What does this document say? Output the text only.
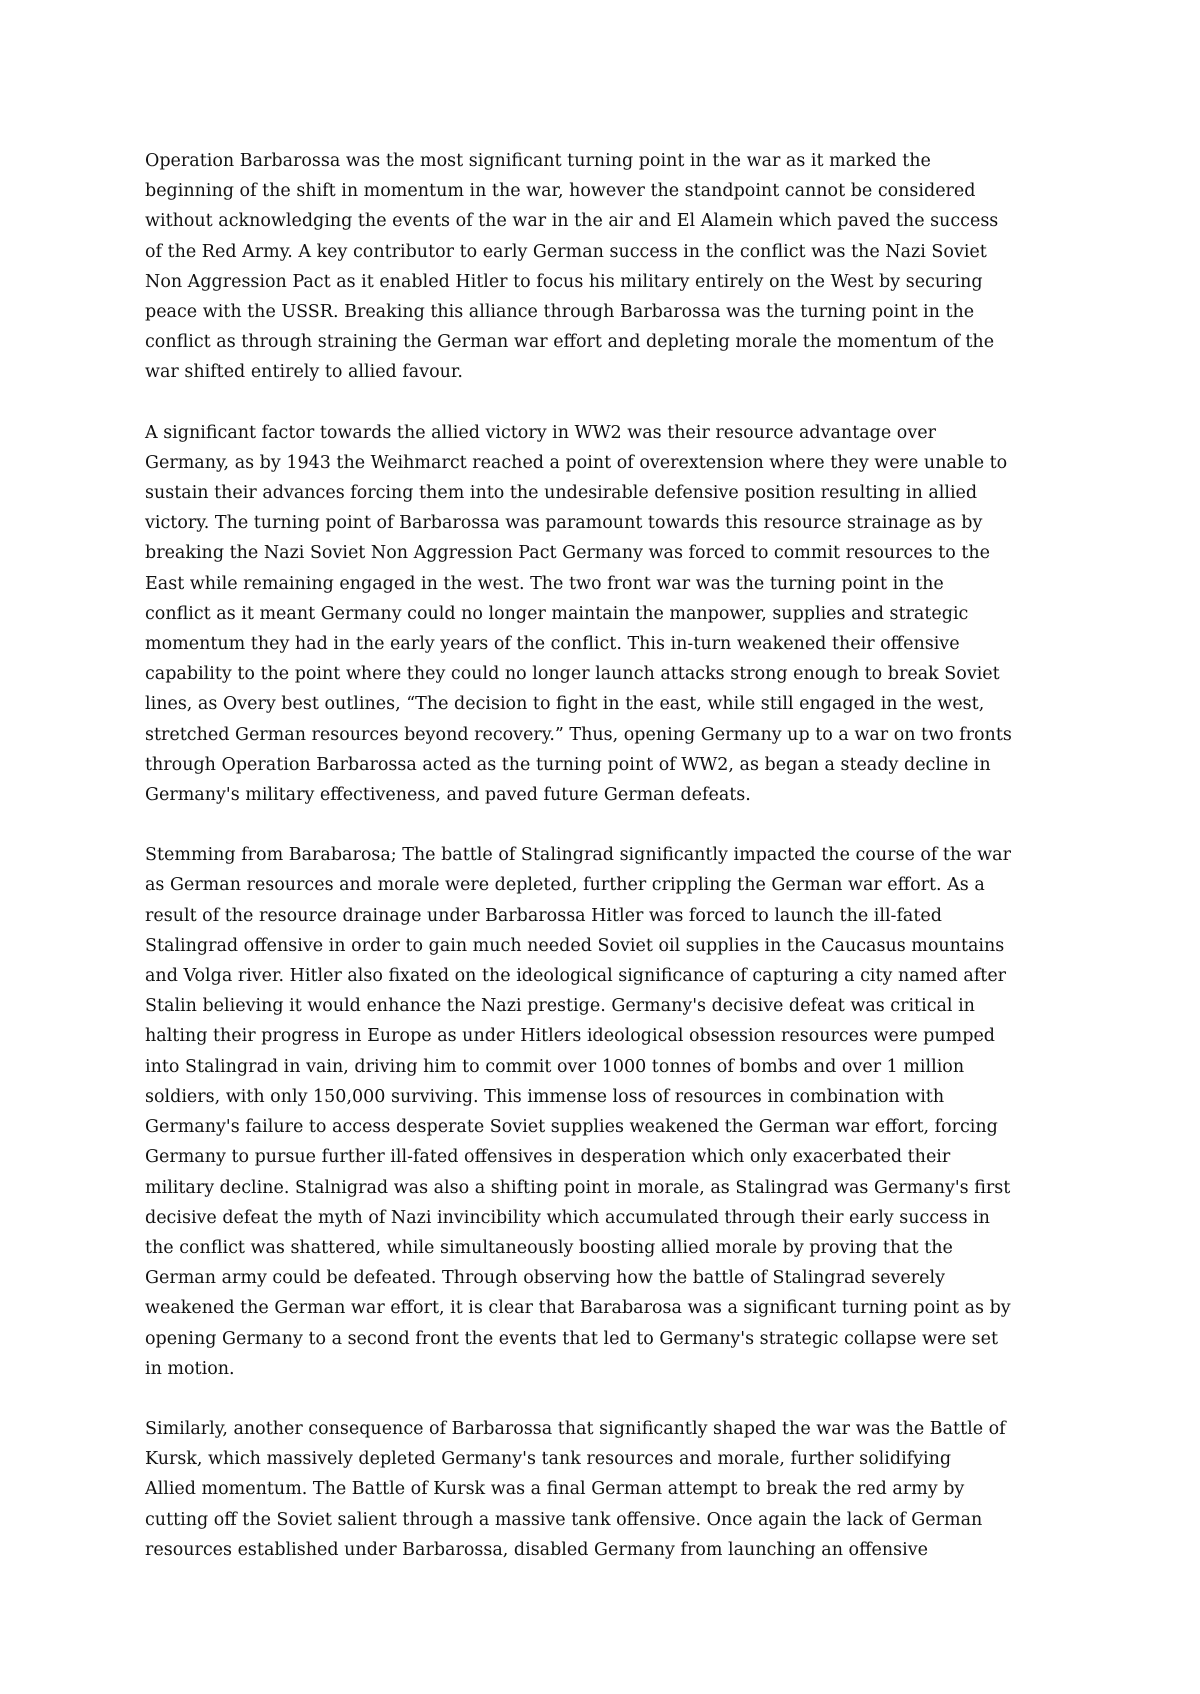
Operation Barbarossa was the most significant turning point in the war as it marked the
beginning of the shift in momentum in the war, however the standpoint cannot be considered
without acknowledging the events of the war in the air and El Alamein which paved the success
of the Red Army. A key contributor to early German success in the conflict was the Nazi Soviet
Non Aggression Pact as it enabled Hitler to focus his military entirely on the West by securing
peace with the USSR. Breaking this alliance through Barbarossa was the turning point in the
conflict as through straining the German war effort and depleting morale the momentum of the
war shifted entirely to allied favour.

A significant factor towards the allied victory in WW2 was their resource advantage over
Germany, as by 1943 the Weihmarct reached a point of overextension where they were unable to
sustain their advances forcing them into the undesirable defensive position resulting in allied
victory. The turning point of Barbarossa was paramount towards this resource strainage as by
breaking the Nazi Soviet Non Aggression Pact Germany was forced to commit resources to the
East while remaining engaged in the west. The two front war was the turning point in the
conflict as it meant Germany could no longer maintain the manpower, supplies and strategic
momentum they had in the early years of the conflict. This in-turn weakened their offensive
capability to the point where they could no longer launch attacks strong enough to break Soviet
lines, as Overy best outlines, “The decision to fight in the east, while still engaged in the west,
stretched German resources beyond recovery.” Thus, opening Germany up to a war on two fronts
through Operation Barbarossa acted as the turning point of WW2, as began a steady decline in
Germany's military effectiveness, and paved future German defeats.

Stemming from Barabarosa; The battle of Stalingrad significantly impacted the course of the war
as German resources and morale were depleted, further crippling the German war effort. As a
result of the resource drainage under Barbarossa Hitler was forced to launch the ill-fated
Stalingrad offensive in order to gain much needed Soviet oil supplies in the Caucasus mountains
and Volga river. Hitler also fixated on the ideological significance of capturing a city named after
Stalin believing it would enhance the Nazi prestige. Germany's decisive defeat was critical in
halting their progress in Europe as under Hitlers ideological obsession resources were pumped
into Stalingrad in vain, driving him to commit over 1000 tonnes of bombs and over 1 million
soldiers, with only 150,000 surviving. This immense loss of resources in combination with
Germany's failure to access desperate Soviet supplies weakened the German war effort, forcing
Germany to pursue further ill-fated offensives in desperation which only exacerbated their
military decline. Stalnigrad was also a shifting point in morale, as Stalingrad was Germany's first
decisive defeat the myth of Nazi invincibility which accumulated through their early success in
the conflict was shattered, while simultaneously boosting allied morale by proving that the
German army could be defeated. Through observing how the battle of Stalingrad severely
weakened the German war effort, it is clear that Barabarosa was a significant turning point as by
opening Germany to a second front the events that led to Germany's strategic collapse were set
in motion.

Similarly, another consequence of Barbarossa that significantly shaped the war was the Battle of
Kursk, which massively depleted Germany's tank resources and morale, further solidifying
Allied momentum. The Battle of Kursk was a final German attempt to break the red army by
cutting off the Soviet salient through a massive tank offensive. Once again the lack of German
resources established under Barbarossa, disabled Germany from launching an offensive
